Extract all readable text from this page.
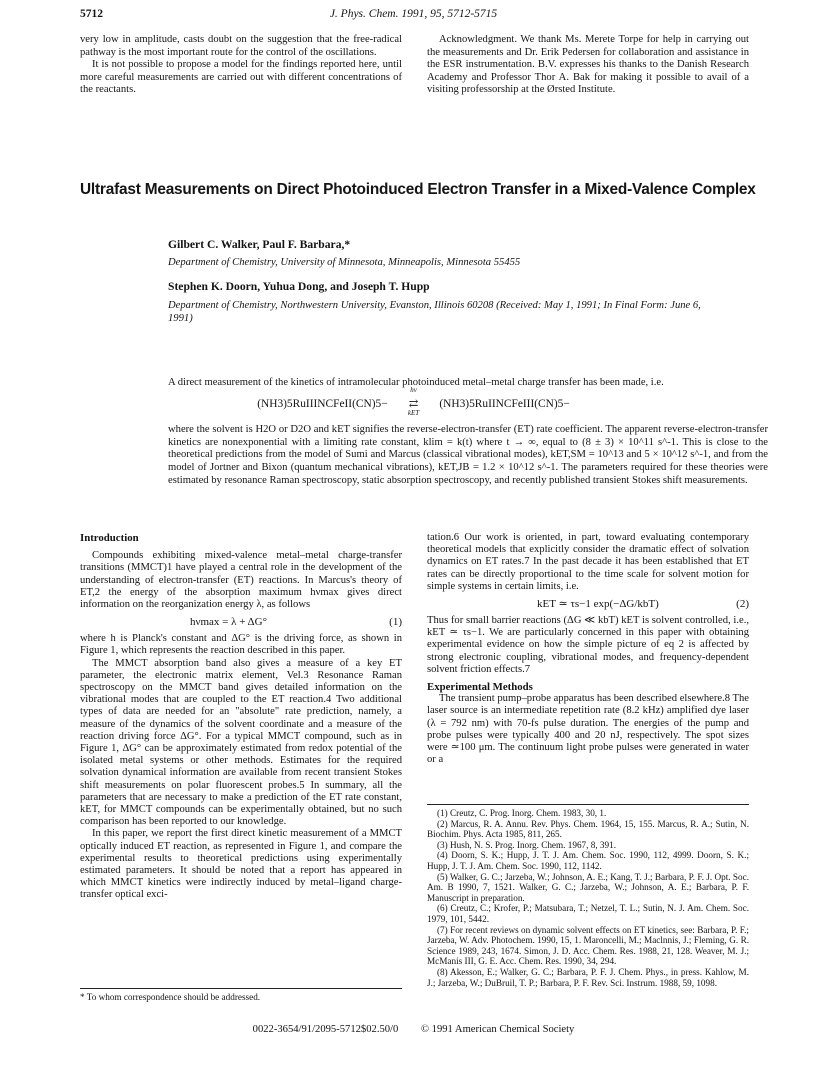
5712	J. Phys. Chem. 1991, 95, 5712-5715

very low in amplitude, casts doubt on the suggestion that the free-radical pathway is the most important route for the control of the oscillations.

It is not possible to propose a model for the findings reported here, until more careful measurements are carried out with different concentrations of the reactants.

Acknowledgment. We thank Ms. Merete Torpe for help in carrying out the measurements and Dr. Erik Pedersen for collaboration and assistance in the ESR instrumentation. B.V. expresses his thanks to the Danish Research Academy and Professor Thor A. Bak for making it possible to avail of a visiting professorship at the Ørsted Institute.

Ultrafast Measurements on Direct Photoinduced Electron Transfer in a Mixed-Valence Complex
Gilbert C. Walker, Paul F. Barbara,*
Department of Chemistry, University of Minnesota, Minneapolis, Minnesota 55455
Stephen K. Doorn, Yuhua Dong, and Joseph T. Hupp
Department of Chemistry, Northwestern University, Evanston, Illinois 60208 (Received: May 1, 1991; In Final Form: June 6, 1991)
A direct measurement of the kinetics of intramolecular photoinduced metal–metal charge transfer has been made, i.e.
(NH3)5RuIIINCFeII(CN)5−
hν
⇄
kET
(NH3)5RuIINCFeIII(CN)5−
where the solvent is H2O or D2O and kET signifies the reverse-electron-transfer (ET) rate coefficient. The apparent reverse-electron-transfer kinetics are nonexponential with a limiting rate constant, klim = k(t) where t → ∞, equal to (8 ± 3) × 10^11 s^-1. This is close to the theoretical predictions from the model of Sumi and Marcus (classical vibrational modes), kET,SM = 10^13 and 5 × 10^12 s^-1, and from the model of Jortner and Bixon (quantum mechanical vibrations), kET,JB = 1.2 × 10^12 s^-1. The parameters required for these theories were estimated by resonance Raman spectroscopy, static absorption spectroscopy, and recently published transient Stokes shift measurements.
Introduction

Compounds exhibiting mixed-valence metal–metal charge-transfer transitions (MMCT)1 have played a central role in the development of the understanding of electron-transfer (ET) reactions. In Marcus's theory of ET,2 the energy of the absorption maximum hνmax gives direct information on the reorganization energy λ, as follows

hνmax = λ + ΔG°	(1)

where h is Planck's constant and ΔG° is the driving force, as shown in Figure 1, which represents the reaction described in this paper.

The MMCT absorption band also gives a measure of a key ET parameter, the electronic matrix element, Vel.3 Resonance Raman spectroscopy on the MMCT band gives detailed information on the vibrational modes that are coupled to the ET reaction.4 Two additional types of data are needed for an "absolute" rate prediction, namely, a measure of the dynamics of the solvent coordinate and a measure of the reaction driving force ΔG°. For a typical MMCT compound, such as in Figure 1, ΔG° can be approximately estimated from redox potential of the isolated metal systems or other methods. Estimates for the required solvation dynamical information are available from recent transient Stokes shift measurements on polar fluorescent probes.5 In summary, all the parameters that are necessary to make a prediction of the ET rate constant, kET, for MMCT compounds can be experimentally obtained, but no such comparison has been reported to our knowledge.

In this paper, we report the first direct kinetic measurement of a MMCT optically induced ET reaction, as represented in Figure 1, and compare the experimental results to theoretical predictions using experimentally estimated parameters. It should be noted that a report has appeared in which MMCT kinetics were indirectly induced by metal–ligand charge-transfer optical exci-

* To whom correspondence should be addressed.

tation.6 Our work is oriented, in part, toward evaluating contemporary theoretical models that explicitly consider the dramatic effect of solvation dynamics on ET rates.7 In the past decade it has been established that ET rates can be directly proportional to the time scale for solvent motion for simple systems in certain limits, i.e.

kET ≃ τs−1 exp(−ΔG/kbT)	(2)

Thus for small barrier reactions (ΔG ≪ kbT) kET is solvent controlled, i.e., kET ≃ τs−1. We are particularly concerned in this paper with obtaining experimental evidence on how the simple picture of eq 2 is affected by strong electronic coupling, vibrational modes, and frequency-dependent solvent friction effects.7

Experimental Methods

The transient pump–probe apparatus has been described elsewhere.8 The laser source is an intermediate repetition rate (8.2 kHz) amplified dye laser (λ = 792 nm) with 70-fs pulse duration. The energies of the pump and probe pulses were typically 400 and 20 nJ, respectively. The spot sizes were ≃100 μm. The continuum light probe pulses were generated in water or a

(1) Creutz, C. Prog. Inorg. Chem. 1983, 30, 1.

(2) Marcus, R. A. Annu. Rev. Phys. Chem. 1964, 15, 155. Marcus, R. A.; Sutin, N. Biochim. Phys. Acta 1985, 811, 265.

(3) Hush, N. S. Prog. Inorg. Chem. 1967, 8, 391.

(4) Doorn, S. K.; Hupp, J. T. J. Am. Chem. Soc. 1990, 112, 4999. Doorn, S. K.; Hupp, J. T. J. Am. Chem. Soc. 1990, 112, 1142.

(5) Walker, G. C.; Jarzeba, W.; Johnson, A. E.; Kang, T. J.; Barbara, P. F. J. Opt. Soc. Am. B 1990, 7, 1521. Walker, G. C.; Jarzeba, W.; Johnson, A. E.; Barbara, P. F. Manuscript in preparation.

(6) Creutz, C.; Krofer, P.; Matsubara, T.; Netzel, T. L.; Sutin, N. J. Am. Chem. Soc. 1979, 101, 5442.

(7) For recent reviews on dynamic solvent effects on ET kinetics, see: Barbara, P. F.; Jarzeba, W. Adv. Photochem. 1990, 15, 1. Maroncelli, M.; Maclnnis, J.; Fleming, G. R. Science 1989, 243, 1674. Simon, J. D. Acc. Chem. Res. 1988, 21, 128. Weaver, M. J.; McManis III, G. E. Acc. Chem. Res. 1990, 34, 294.

(8) Akesson, E.; Walker, G. C.; Barbara, P. F. J. Chem. Phys., in press. Kahlow, M. J.; Jarzeba, W.; DuBruil, T. P.; Barbara, P. F. Rev. Sci. Instrum. 1988, 59, 1098.

0022-3654/91/2095-5712$02.50/0 © 1991 American Chemical Society
